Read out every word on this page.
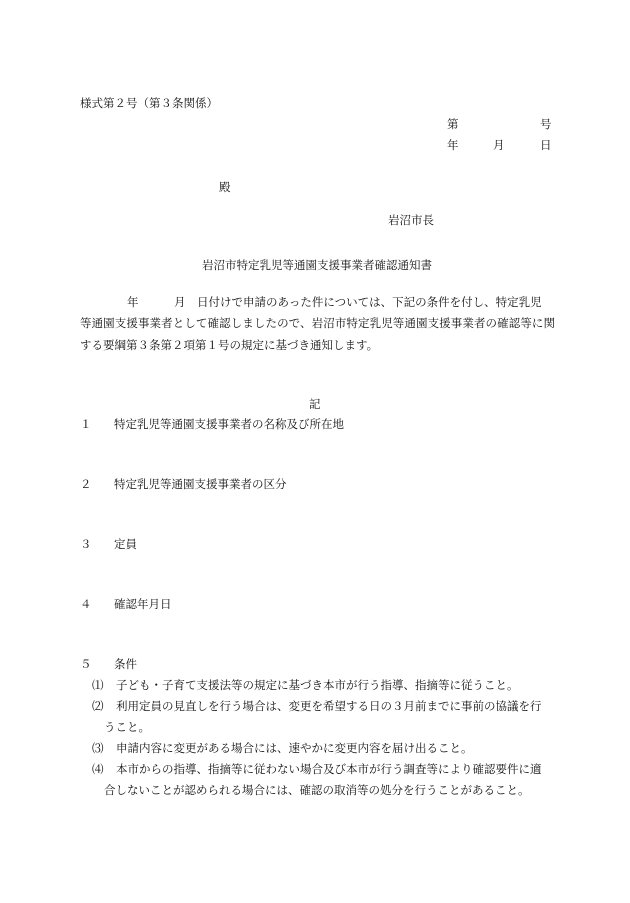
様式第２号（第３条関係）
第	号
年	月	日
殿
岩沼市長
岩沼市特定乳児等通園支援事業者確認通知書
年	月 日付けで申請のあった件については、下記の条件を付し、特定乳児
等通園支援事業者として確認しましたので、岩沼市特定乳児等通園支援事業者の確認等に関する要綱第３条第２項第１号の規定に基づき通知します。
記
１ 特定乳児等通園支援事業者の名称及び所在地
２ 特定乳児等通園支援事業者の区分
３ 定員
４ 確認年月日
５ 条件
⑴ 子ども・子育て支援法等の規定に基づき本市が行う指導、指摘等に従うこと。
⑵ 利用定員の見直しを行う場合は、変更を希望する日の３月前までに事前の協議を行
うこと。
⑶ 申請内容に変更がある場合には、速やかに変更内容を届け出ること。
⑷ 本市からの指導、指摘等に従わない場合及び本市が行う調査等により確認要件に適
合しないことが認められる場合には、確認の取消等の処分を行うことがあること。
